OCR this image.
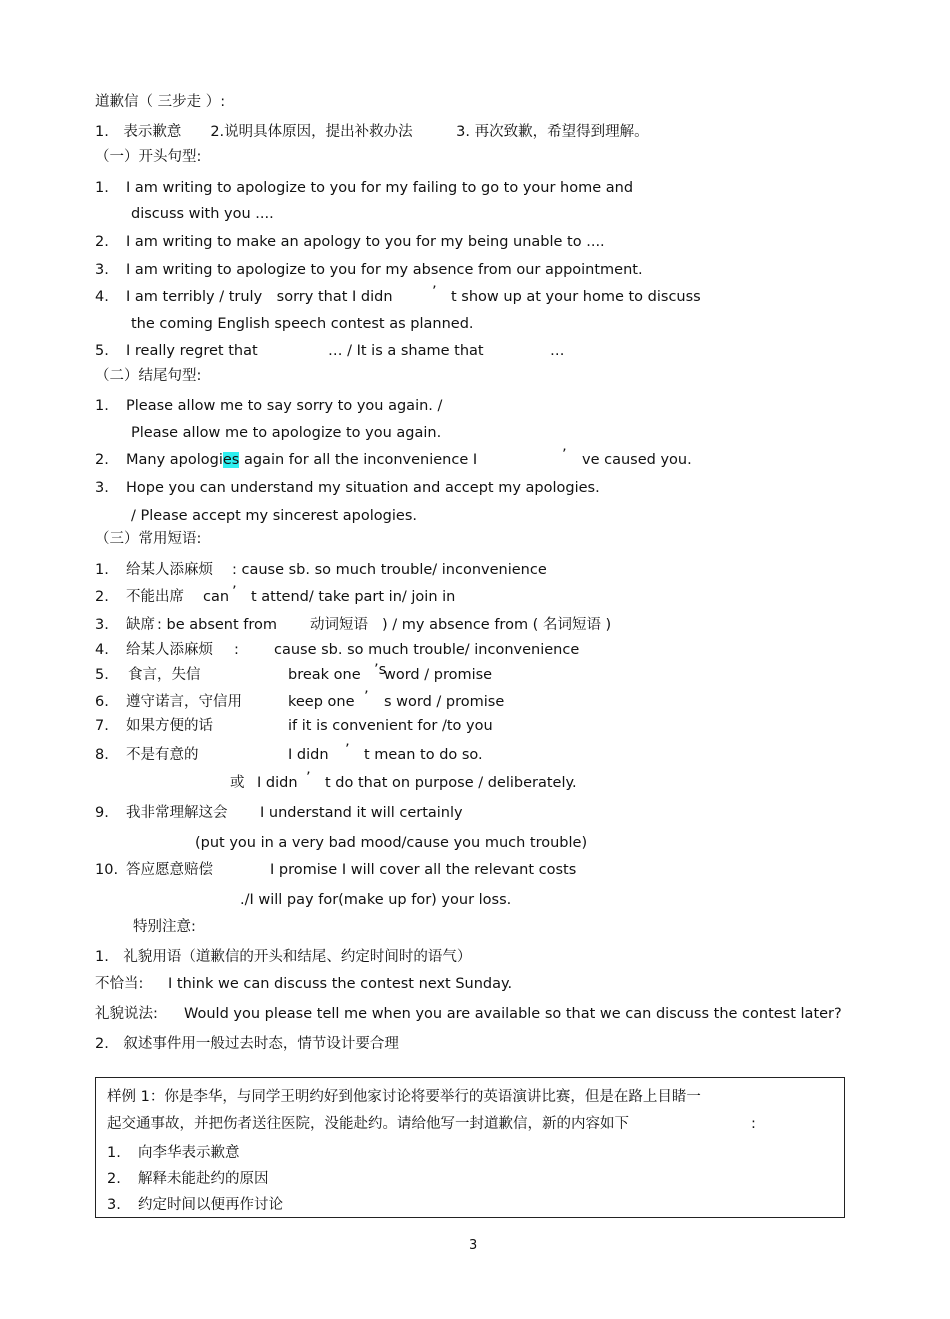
道歉信（ 三步走 ）:
1.　表示歉意　　2.说明具体原因，提出补救办法　　　3. 再次致歉，希望得到理解。
（一）开头句型:
1. I am writing to apologize to you for my failing to go to your home and
discuss with you ....
2. I am writing to make an apology to you for my being unable to ....
3. I am writing to apologize to you for my absence from our appointment.
4. I am terribly / truly　sorry that I didn	’ t show up at your home to discuss
the coming English speech contest as planned.
5. I really regret that	… / It is a shame that	…
（二）结尾句型:
1. Please allow me to say sorry to you again. /
Please allow me to apologize to you again.
2. Many apologies again for all the inconvenience I	’ ve caused you.
3. Hope you can understand my situation and accept my apologies.
/ Please accept my sincerest apologies.
（三）常用短语:
1. 给某人添麻烦 : cause sb. so much trouble/ inconvenience
2. 不能出席 can ’ t attend/ take part in/ join in
3. 缺席 : be absent from 动词短语 ) / my absence from ( 名词短语 )
4. 给某人添麻烦 : cause sb. so much trouble/ inconvenience
5. 食言，失信	break one ’s
word / promise
6. 遵守诺言，守信用	keep one ’ s word / promise
7. 如果方便的话	if it is convenient for /to you
8. 不是有意的	I didn ’ t mean to do so.
或 I didn ’ t do that on purpose / deliberately.
9. 我非常理解这会 I understand it will certainly
(put you in a very bad mood/cause you much trouble)
10. 答应愿意赔偿	I promise I will cover all the relevant costs
./I will pay for(make up for) your loss.
特别注意:
1.　礼貌用语（道歉信的开头和结尾、约定时间时的语气）
不恰当: I think we can discuss the contest next Sunday.
礼貌说法: Would you please tell me when you are available so that we can discuss the contest later?
2.　叙述事件用一般过去时态，情节设计要合理
样例 1：你是李华，与同学王明约好到他家讨论将要举行的英语演讲比赛，但是在路上目睹一
起交通事故，并把伤者送往医院，没能赴约。请给他写一封道歉信，新的内容如下	:
1. 向李华表示歉意
2. 解释未能赴约的原因
3. 约定时间以便再作讨论
3
